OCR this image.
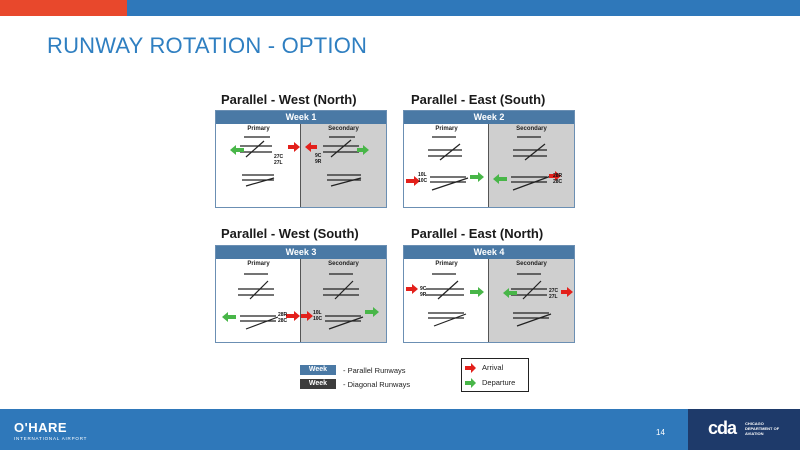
RUNWAY ROTATION - OPTION
Parallel - West (North)
Week 1
Primary
27C
27L
Secondary
9C
9R
Parallel - East (South)
Week 2
Primary
10L
10C
Secondary
28R
28C
Parallel - West (South)
Week 3
Primary
28R
28C
Secondary
10L
10C
Parallel - East (North)
Week 4
Primary
9C
9R
Secondary
27C
27L
Week	- Parallel Runways
Week	- Diagonal Runways
Arrival
Departure
O'HARE
INTERNATIONAL AIRPORT
14 cda CHICAGO DEPARTMENT OF AVIATION
